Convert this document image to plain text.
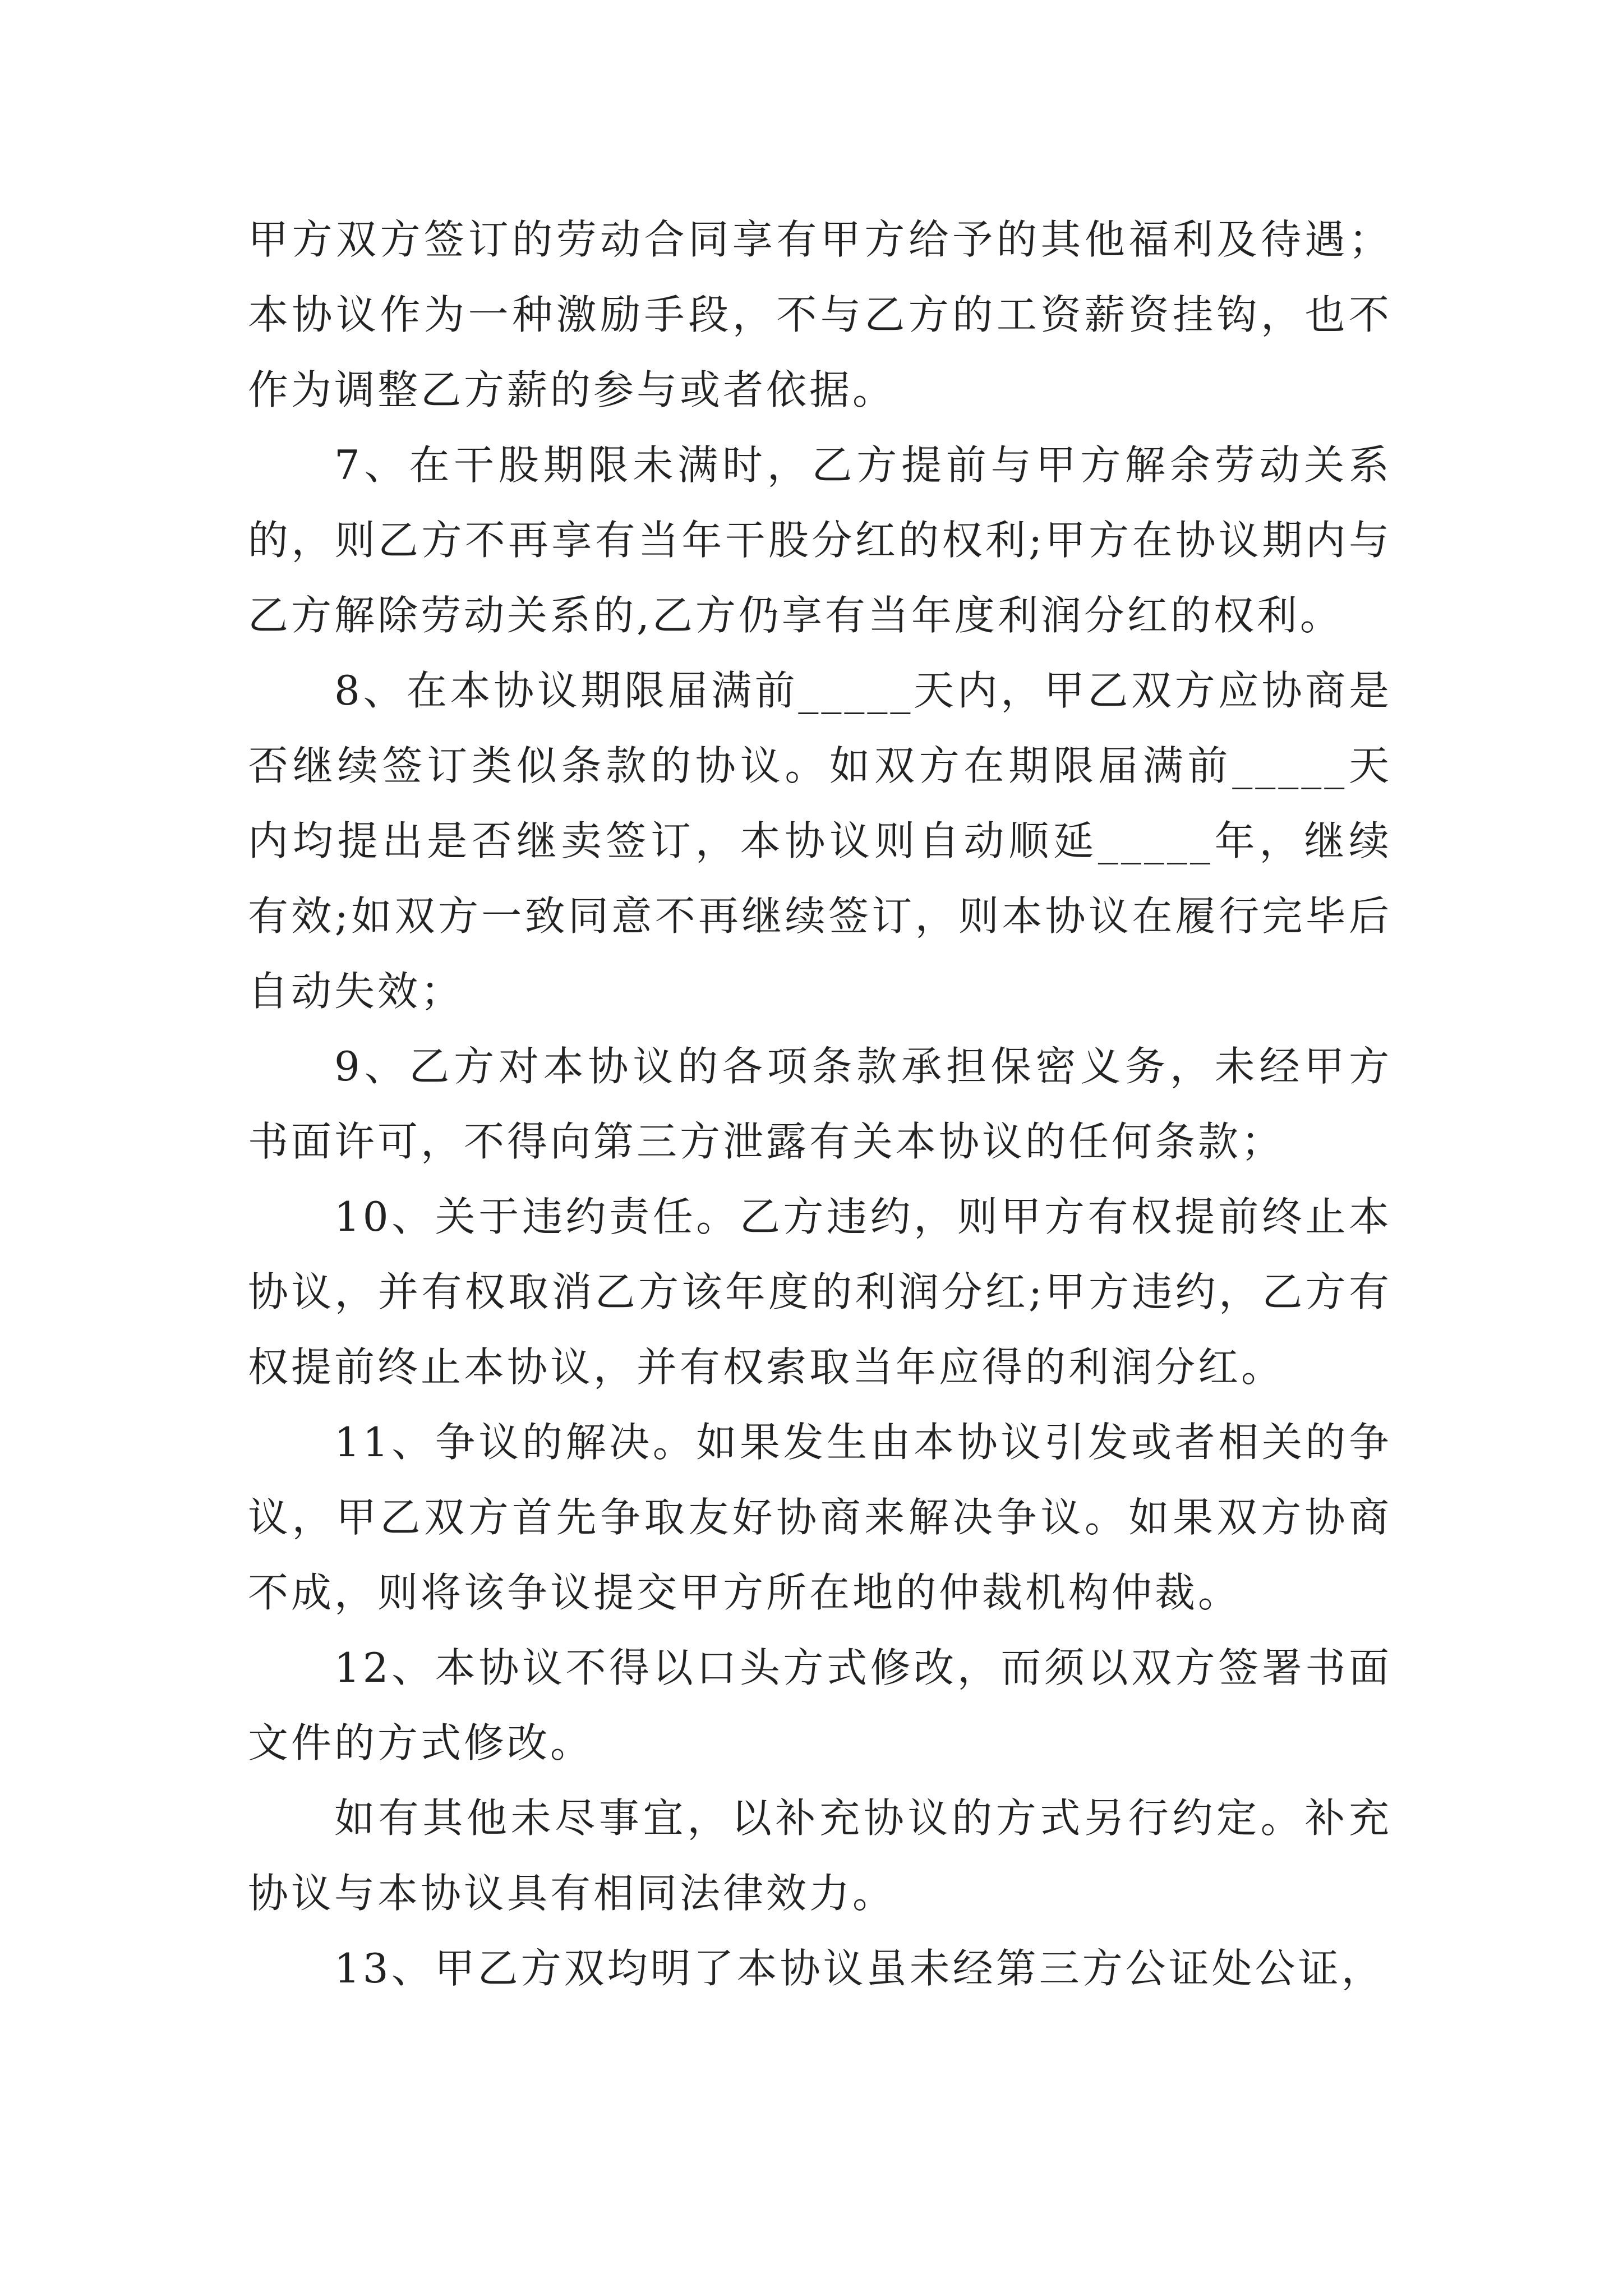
甲方双方签订的劳动合同享有甲方给予的其他福利及待遇；本协议作为一种激励手段，不与乙方的工资薪资挂钩，也不作为调整乙方薪的参与或者依据。

7、在干股期限未满时，乙方提前与甲方解余劳动关系的，则乙方不再享有当年干股分红的权利;甲方在协议期内与乙方解除劳动关系的,乙方仍享有当年度利润分红的权利。

8、在本协议期限届满前_____天内，甲乙双方应协商是否继续签订类似条款的协议。如双方在期限届满前_____天内均提出是否继卖签订，本协议则自动顺延_____年，继续有效;如双方一致同意不再继续签订，则本协议在履行完毕后自动失效；

9、乙方对本协议的各项条款承担保密义务，未经甲方书面许可，不得向第三方泄露有关本协议的任何条款；

10、关于违约责任。乙方违约，则甲方有权提前终止本协议，并有权取消乙方该年度的利润分红;甲方违约，乙方有权提前终止本协议，并有权索取当年应得的利润分红。

11、争议的解决。如果发生由本协议引发或者相关的争议，甲乙双方首先争取友好协商来解决争议。如果双方协商不成，则将该争议提交甲方所在地的仲裁机构仲裁。

12、本协议不得以口头方式修改，而须以双方签署书面文件的方式修改。

如有其他未尽事宜，以补充协议的方式另行约定。补充协议与本协议具有相同法律效力。

13、甲乙方双均明了本协议虽未经第三方公证处公证，
